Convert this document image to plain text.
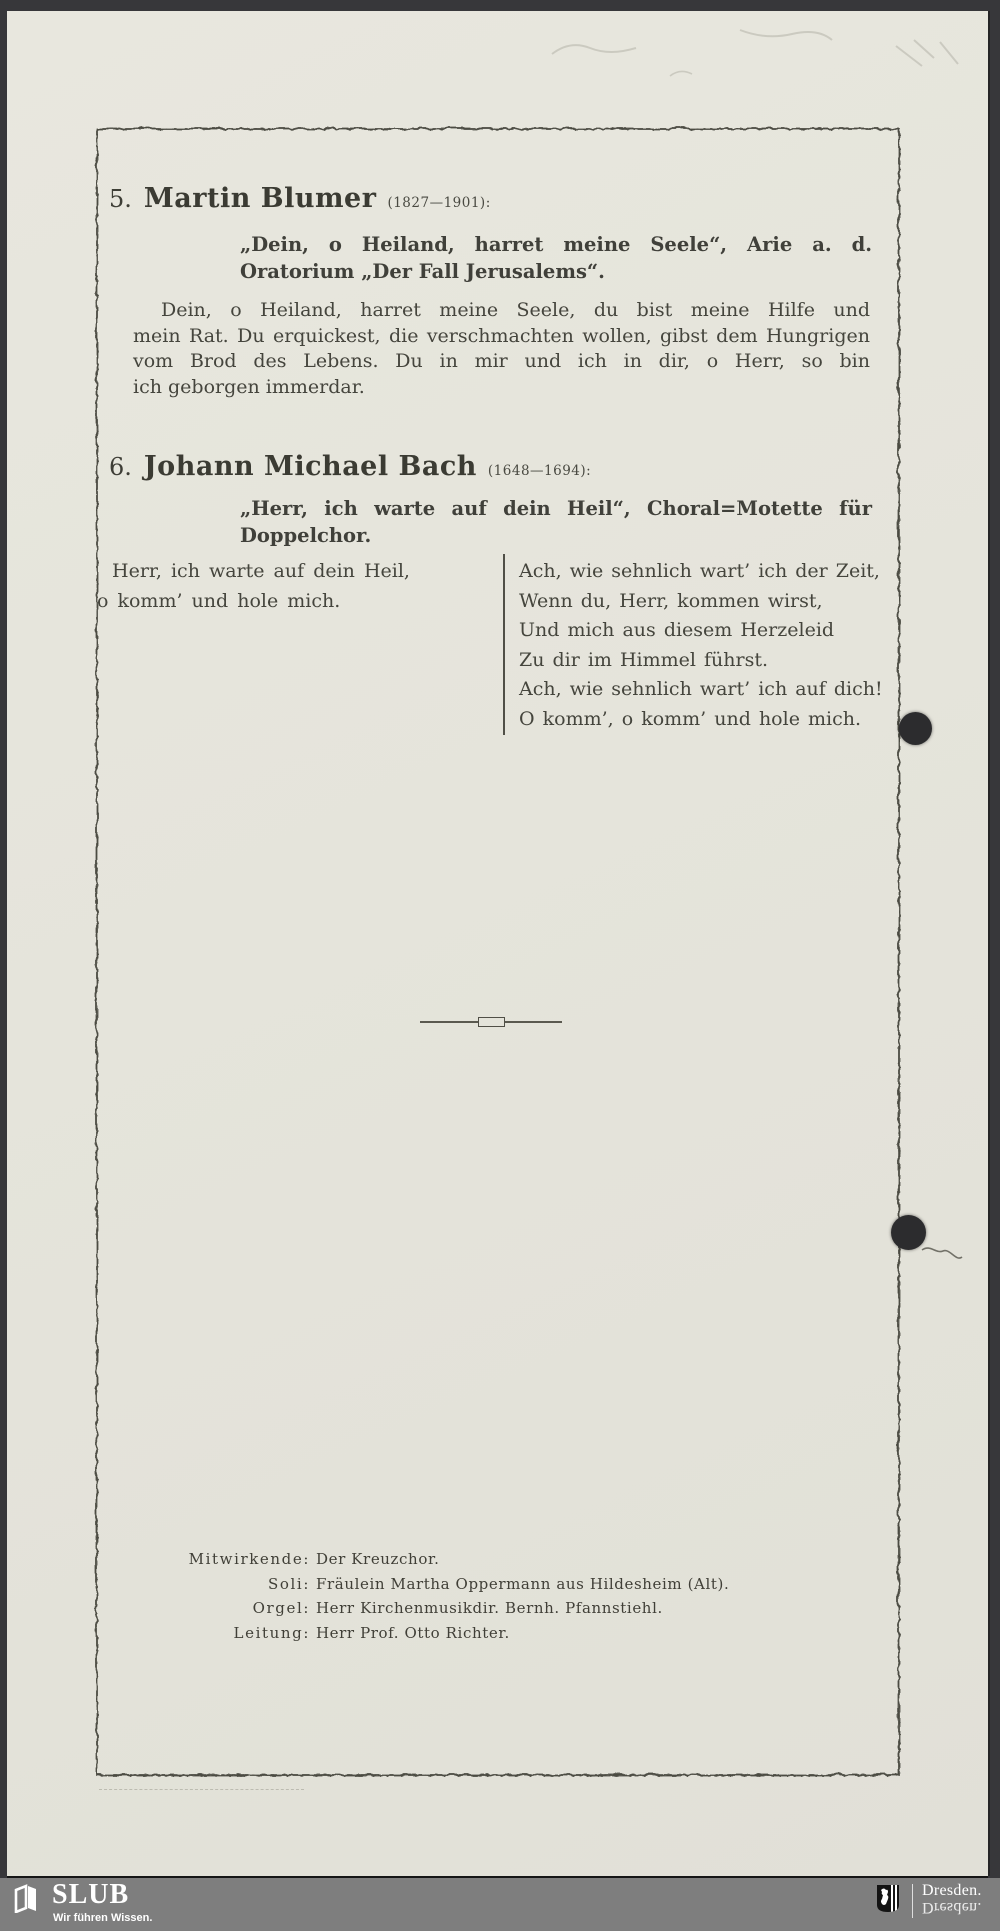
5. Martin Blumer (1827—1901):
„Dein, o Heiland, harret meine Seele“, Arie a. d.
Oratorium „Der Fall Jerusalems“.
Dein, o Heiland, harret meine Seele, du bist meine Hilfe und
mein Rat. Du erquickest, die verschmachten wollen, gibst dem Hungrigen
vom Brod des Lebens. Du in mir und ich in dir, o Herr, so bin
ich geborgen immerdar.
6. Johann Michael Bach (1648—1694):
„Herr, ich warte auf dein Heil“, Choral=Motette für
Doppelchor.
Herr, ich warte auf dein Heil,
o komm’ und hole mich.
Ach, wie sehnlich wart’ ich der Zeit,
Wenn du, Herr, kommen wirst,
Und mich aus diesem Herzeleid
Zu dir im Himmel führst.
Ach, wie sehnlich wart’ ich auf dich!
O komm’, o komm’ und hole mich.
Mitwirkende: Der Kreuzchor.
Soli: Fräulein Martha Oppermann aus Hildesheim (Alt).
Orgel: Herr Kirchenmusikdir. Bernh. Pfannstiehl.
Leitung: Herr Prof. Otto Richter.
SLUB
Wir führen Wissen.
Dresden.
Dresden.
